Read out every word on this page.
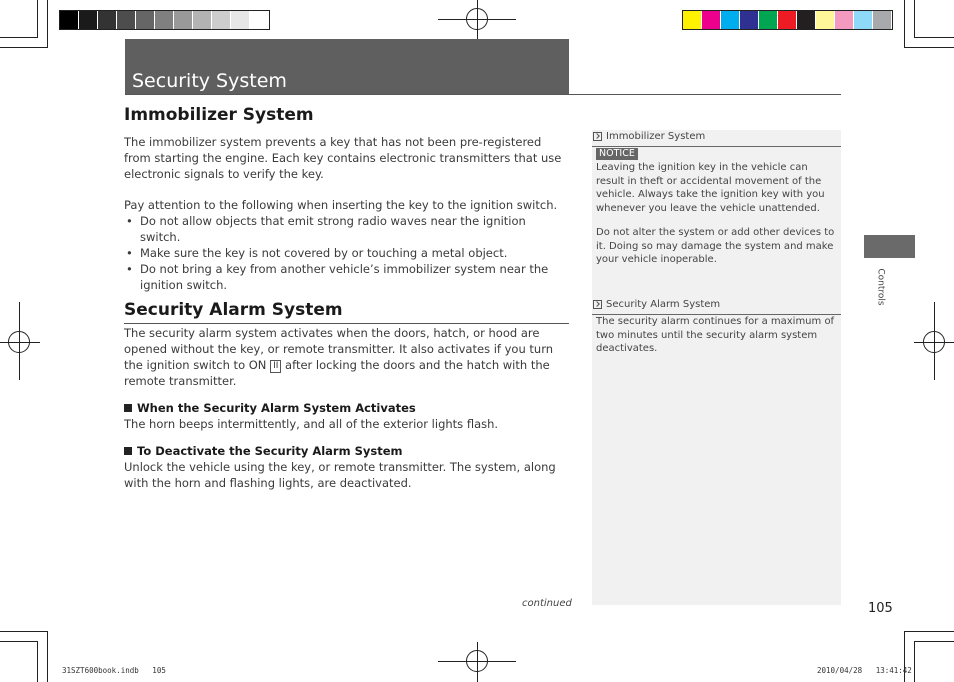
Security System
Immobilizer System

The immobilizer system prevents a key that has not been pre-registered from starting the engine. Each key contains electronic transmitters that use electronic signals to verify the key.

Pay attention to the following when inserting the key to the ignition switch.

• Do not allow objects that emit strong radio waves near the ignition switch.
• Make sure the key is not covered by or touching a metal object.
• Do not bring a key from another vehicle’s immobilizer system near the ignition switch.
Security Alarm System

The security alarm system activates when the doors, hatch, or hood are opened without the key, or remote transmitter. It also activates if you turn the ignition switch to ON II after locking the doors and the hatch with the remote transmitter.

When the Security Alarm System Activates

The horn beeps intermittently, and all of the exterior lights flash.

To Deactivate the Security Alarm System

Unlock the vehicle using the key, or remote transmitter. The system, along with the horn and flashing lights, are deactivated.

Immobilizer System
NOTICE

Leaving the ignition key in the vehicle can result in theft or accidental movement of the vehicle. Always take the ignition key with you whenever you leave the vehicle unattended.

Do not alter the system or add other devices to it. Doing so may damage the system and make your vehicle inoperable.

Security Alarm System
The security alarm continues for a maximum of two minutes until the security alarm system deactivates.
Controls
continued	105
31SZT600book.indb   105	2010/04/28   13:41:42
